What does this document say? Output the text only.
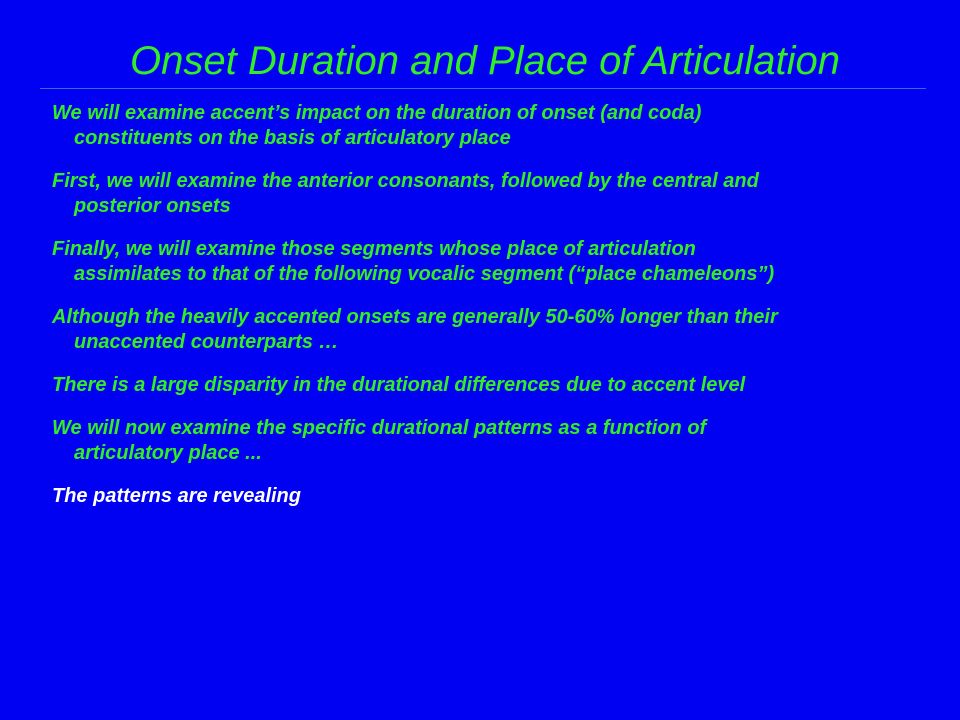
Onset Duration and Place of Articulation
We will examine accent’s impact on the duration of onset (and coda)
constituents on the basis of articulatory place
First, we will examine the anterior consonants, followed by the central and
posterior onsets
Finally, we will examine those segments whose place of articulation
assimilates to that of the following vocalic segment (“place chameleons”)
Although the heavily accented onsets are generally 50-60% longer than their
unaccented counterparts …
There is a large disparity in the durational differences due to accent level
We will now examine the specific durational patterns as a function of
articulatory place ...
The patterns are revealing
